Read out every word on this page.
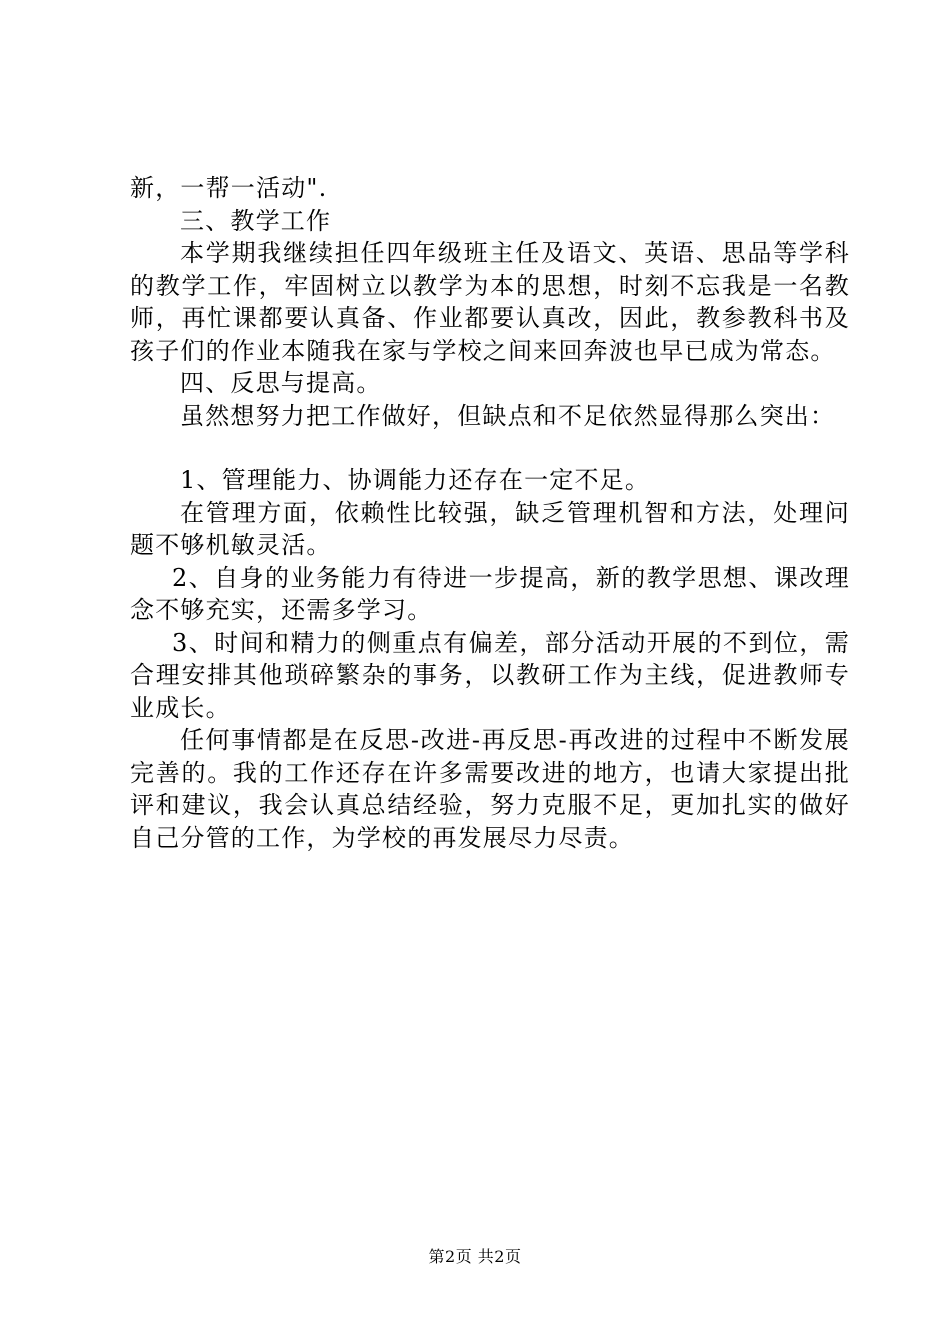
新，一帮一活动".

三、教学工作

本学期我继续担任四年级班主任及语文、英语、思品等学科的教学工作，牢固树立以教学为本的思想，时刻不忘我是一名教师，再忙课都要认真备、作业都要认真改，因此，教参教科书及孩子们的作业本随我在家与学校之间来回奔波也早已成为常态。

四、反思与提高。

虽然想努力把工作做好，但缺点和不足依然显得那么突出：

1、管理能力、协调能力还存在一定不足。

在管理方面，依赖性比较强，缺乏管理机智和方法，处理问题不够机敏灵活。

2、自身的业务能力有待进一步提高，新的教学思想、课改理念不够充实，还需多学习。

3、时间和精力的侧重点有偏差，部分活动开展的不到位，需合理安排其他琐碎繁杂的事务，以教研工作为主线，促进教师专业成长。

任何事情都是在反思-改进-再反思-再改进的过程中不断发展完善的。我的工作还存在许多需要改进的地方，也请大家提出批评和建议，我会认真总结经验，努力克服不足，更加扎实的做好自己分管的工作，为学校的再发展尽力尽责。

第2页 共2页
